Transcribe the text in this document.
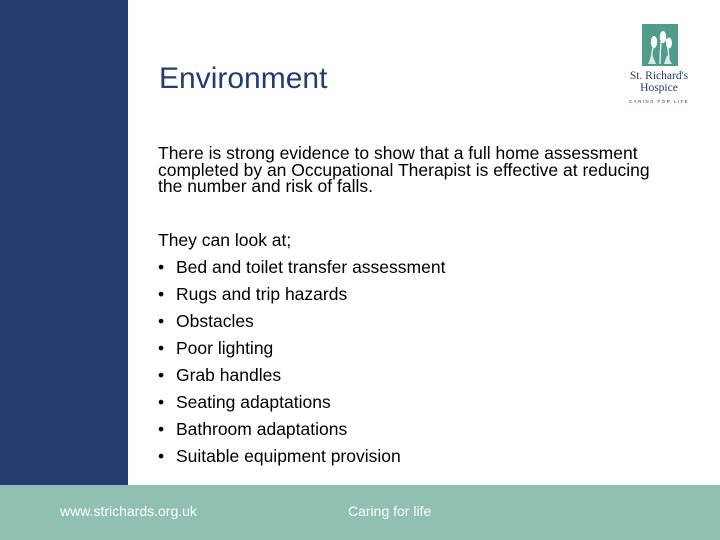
Environment	St. Richard's
Hospice
CARING FOR LIFE
There is strong evidence to show that a full home assessment completed by an Occupational Therapist is effective at reducing the number and risk of falls.
They can look at;
• Bed and toilet transfer assessment
• Rugs and trip hazards
• Obstacles
• Poor lighting
• Grab handles
• Seating adaptations
• Bathroom adaptations
• Suitable equipment provision
www.strichards.org.uk	Caring for life
